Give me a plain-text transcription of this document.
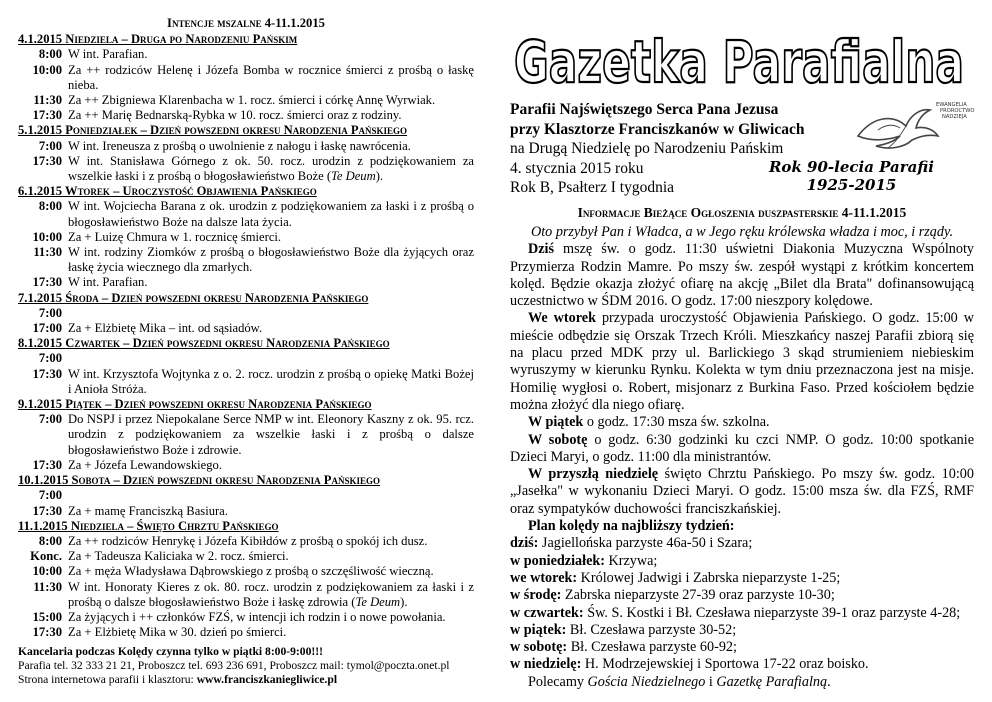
Intencje mszalne 4-11.1.2015
4.1.2015 Niedziela – Druga po Narodzeniu Pańskim
8:00 W int. Parafian.
10:00 Za ++ rodziców Helenę i Józefa Bomba w rocznice śmierci z prośbą o łaskę nieba.
11:30 Za ++ Zbigniewa Klarenbacha w 1. rocz. śmierci i córkę Annę Wyrwiak.
17:30 Za ++ Marię Bednarską-Rybka w 10. rocz. śmierci oraz z rodziny.
5.1.2015 Poniedziałek – Dzień powszedni okresu Narodzenia Pańskiego
7:00 W int. Ireneusza z prośbą o uwolnienie z nałogu i łaskę nawrócenia.
17:30 W int. Stanisława Górnego z ok. 50. rocz. urodzin z podziękowaniem za wszelkie łaski i z prośbą o błogosławieństwo Boże (Te Deum).
6.1.2015 Wtorek – Uroczystość Objawienia Pańskiego
8:00 W int. Wojciecha Barana z ok. urodzin z podziękowaniem za łaski i z prośbą o błogosławieństwo Boże na dalsze lata życia.
10:00 Za + Luizę Chmura w 1. rocznicę śmierci.
11:30 W int. rodziny Ziomków z prośbą o błogosławieństwo Boże dla żyjących oraz łaskę życia wiecznego dla zmarłych.
17:30 W int. Parafian.
7.1.2015 Środa – Dzień powszedni okresu Narodzenia Pańskiego
7:00
17:00 Za + Elżbietę Mika – int. od sąsiadów.
8.1.2015 Czwartek – Dzień powszedni okresu Narodzenia Pańskiego
7:00
17:30 W int. Krzysztofa Wojtynka z o. 2. rocz. urodzin z prośbą o opiekę Matki Bożej i Anioła Stróża.
9.1.2015 Piątek – Dzień powszedni okresu Narodzenia Pańskiego
7:00 Do NSPJ i przez Niepokalane Serce NMP w int. Eleonory Kaszny z ok. 95. rcz. urodzin z podziękowaniem za wszelkie łaski i z prośbą o dalsze błogosławieństwo Boże i zdrowie.
17:30 Za + Józefa Lewandowskiego.
10.1.2015 Sobota – Dzień powszedni okresu Narodzenia Pańskiego
7:00
17:30 Za + mamę Franciszką Basiura.
11.1.2015 Niedziela – Święto Chrztu Pańskiego
8:00 Za ++ rodziców Henrykę i Józefa Kibiłdów z prośbą o spokój ich dusz.
Konc. Za + Tadeusza Kaliciaka w 2. rocz. śmierci.
10:00 Za + męża Władysława Dąbrowskiego z prośbą o szczęśliwość wieczną.
11:30 W int. Honoraty Kieres z ok. 80. rocz. urodzin z podziękowaniem za łaski i z prośbą o dalsze błogosławieństwo Boże i łaskę zdrowia (Te Deum).
15:00 Za żyjących i ++ członków FZŚ, w intencji ich rodzin i o nowe powołania.
17:30 Za + Elżbietę Mika w 30. dzień po śmierci.
Kancelaria podczas Kolędy czynna tylko w piątki 8:00-9:00!!!
Parafia tel. 32 333 21 21, Proboszcz tel. 693 236 691, Proboszcz mail: tymol@poczta.onet.pl
Strona internetowa parafii i klasztoru: www.franciszkaniegliwice.pl
Gazetka Parafialna
Parafii Najświętszego Serca Pana Jezusa
przy Klasztorze Franciszkanów w Gliwicach
na Drugą Niedzielę po Narodzeniu Pańskim
4. stycznia 2015 roku
Rok B, Psałterz I tygodnia
EWANGELIA
PROROCTWO
NADZIEJA
Rok 90-lecia Parafii
1925-2015
Informacje Bieżące Ogłoszenia duszpasterskie 4-11.1.2015

Oto przybył Pan i Władca, a w Jego ręku królewska władza i moc, i rządy.

Dziś mszę św. o godz. 11:30 uświetni Diakonia Muzyczna Wspólnoty Przymierza Rodzin Mamre. Po mszy św. zespół wystąpi z krótkim koncertem kolęd. Będzie okazja złożyć ofiarę na akcję „Bilet dla Brata" dofinansowującą uczestnictwo w ŚDM 2016. O godz. 17:00 nieszpory kolędowe.

We wtorek przypada uroczystość Objawienia Pańskiego. O godz. 15:00 w mieście odbędzie się Orszak Trzech Króli. Mieszkańcy naszej Parafii zbiorą się na placu przed MDK przy ul. Barlickiego 3 skąd strumieniem niebieskim wyruszymy w kierunku Rynku. Kolekta w tym dniu przeznaczona jest na misje. Homilię wygłosi o. Robert, misjonarz z Burkina Faso. Przed kościołem będzie można złożyć dla niego ofiarę.

W piątek o godz. 17:30 msza św. szkolna.

W sobotę o godz. 6:30 godzinki ku czci NMP. O godz. 10:00 spotkanie Dzieci Maryi, o godz. 11:00 dla ministrantów.

W przyszłą niedzielę święto Chrztu Pańskiego. Po mszy św. godz. 10:00 „Jasełka" w wykonaniu Dzieci Maryi. O godz. 15:00 msza św. dla FZŚ, RMF oraz sympatyków duchowości franciszkańskiej.

Plan kolędy na najbliższy tydzień:

dziś: Jagiellońska parzyste 46a-50 i Szara;

w poniedziałek: Krzywa;

we wtorek: Królowej Jadwigi i Zabrska nieparzyste 1-25;

w środę: Zabrska nieparzyste 27-39 oraz parzyste 10-30;

w czwartek: Św. S. Kostki i Bł. Czesława nieparzyste 39-1 oraz parzyste 4-28;

w piątek: Bł. Czesława parzyste 30-52;

w sobotę: Bł. Czesława parzyste 60-92;

w niedzielę: H. Modrzejewskiej i Sportowa 17-22 oraz boisko.

Polecamy Gościa Niedzielnego i Gazetkę Parafialną.
